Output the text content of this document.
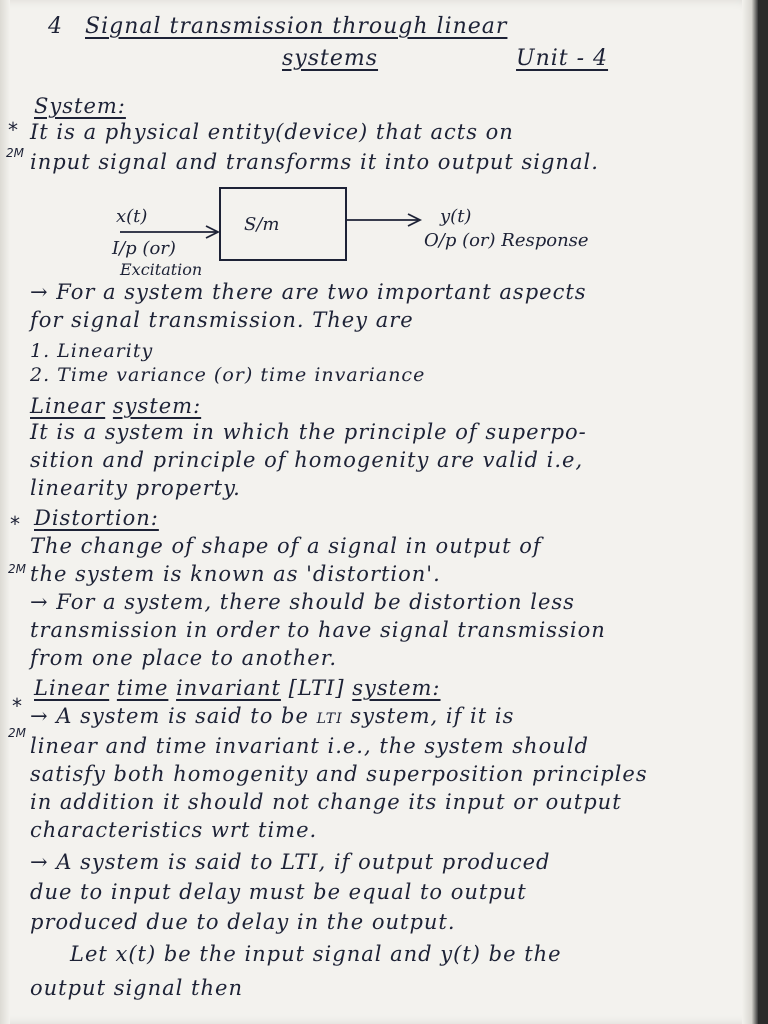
4 Signal transmission through linear
systems	Unit - 4
*
2M
*
2M
*
2M
System:
It is a physical entity(device) that acts on
input signal and transforms it into output signal.
x(t)
I/p (or)
Excitation
S/m	y(t)
O/p (or) Response
→ For a system there are two important aspects
for signal transmission. They are
1. Linearity
2. Time variance (or) time invariance
Linear system:
It is a system in which the principle of superpo-
sition and principle of homogenity are valid i.e,
linearity property.
Distortion:
The change of shape of a signal in output of
the system is known as 'distortion'.
→ For a system, there should be distortion less
transmission in order to have signal transmission
from one place to another.
Linear time invariant [LTI] system:
→ A system is said to be LTI system, if it is
linear and time invariant i.e., the system should
satisfy both homogenity and superposition principles
in addition it should not change its input or output
characteristics wrt time.
→ A system is said to LTI, if output produced
due to input delay must be equal to output
produced due to delay in the output.
Let x(t) be the input signal and y(t) be the
output signal then
